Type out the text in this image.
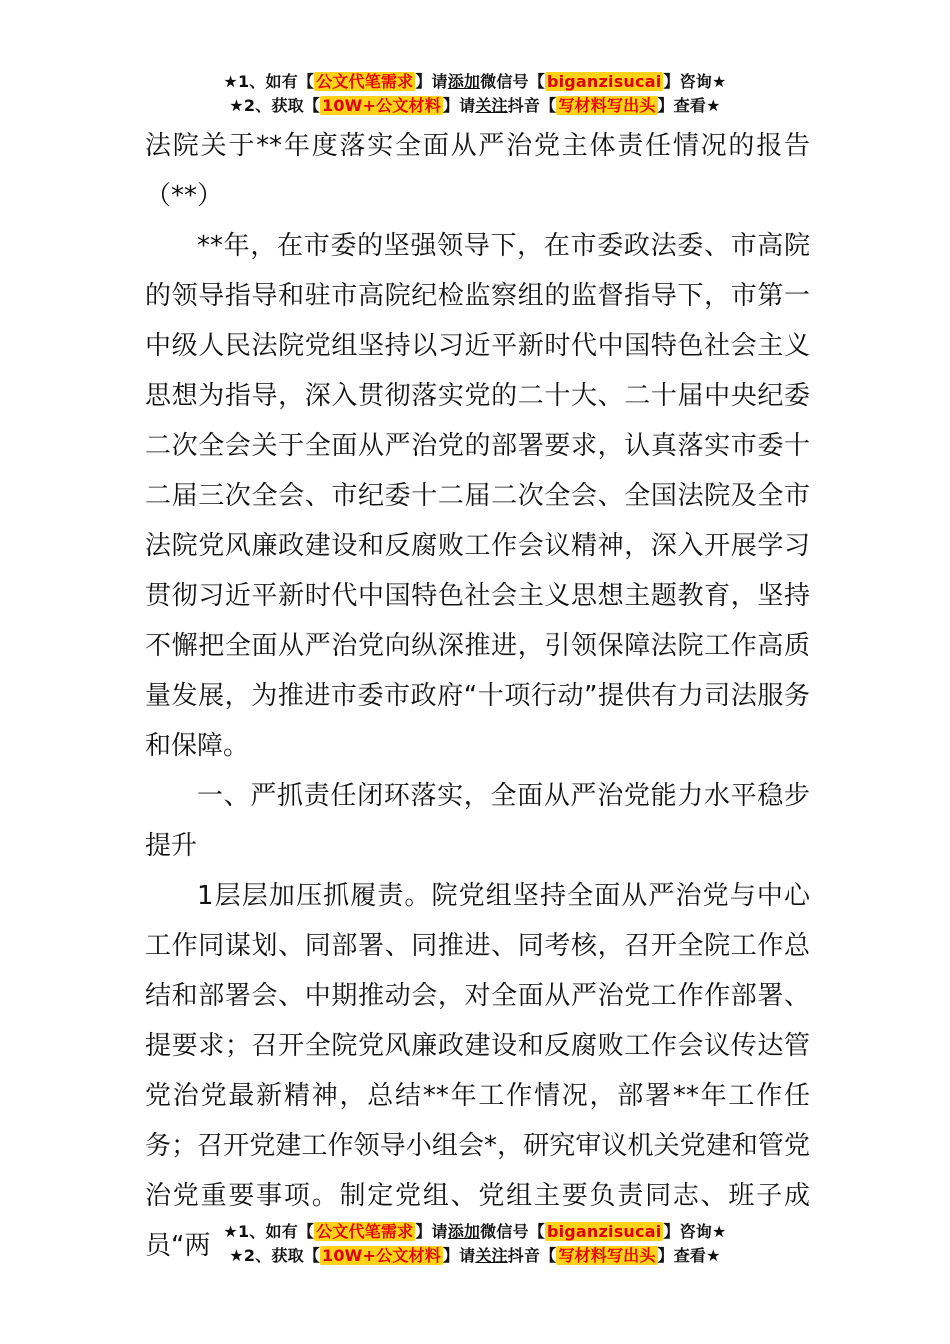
★1、如有【 公文代笔需求 】请添加微信号【 biganzisucai 】咨询★
★2、获取【 10W+公文材料 】请关注抖音【 写材料写出头 】查看★

法院关于**年度落实全面从严治党主体责任情况的报告（**）

**年，在市委的坚强领导下，在市委政法委、市高院的领导指导和驻市高院纪检监察组的监督指导下，市第一中级人民法院党组坚持以习近平新时代中国特色社会主义思想为指导，深入贯彻落实党的二十大、二十届中央纪委二次全会关于全面从严治党的部署要求，认真落实市委十二届三次全会、市纪委十二届二次全会、全国法院及全市法院党风廉政建设和反腐败工作会议精神，深入开展学习贯彻习近平新时代中国特色社会主义思想主题教育，坚持不懈把全面从严治党向纵深推进，引领保障法院工作高质量发展，为推进市委市政府“十项行动”提供有力司法服务和保障。

一、严抓责任闭环落实，全面从严治党能力水平稳步提升

1层层加压抓履责。院党组坚持全面从严治党与中心工作同谋划、同部署、同推进、同考核，召开全院工作总结和部署会、中期推动会，对全面从严治党工作作部署、提要求；召开全院党风廉政建设和反腐败工作会议传达管党治党最新精神，总结**年工作情况，部署**年工作任务；召开党建工作领导小组会*，研究审议机关党建和管党治党重要事项。制定党组、党组主要负责同志、班子成员“两 ★1、如有【 公文代笔需求 】请添加微信号【 biganzisucai 】咨询★
★2、获取【 10W+公文材料 】请关注抖音【 写材料写出头 】查看★
